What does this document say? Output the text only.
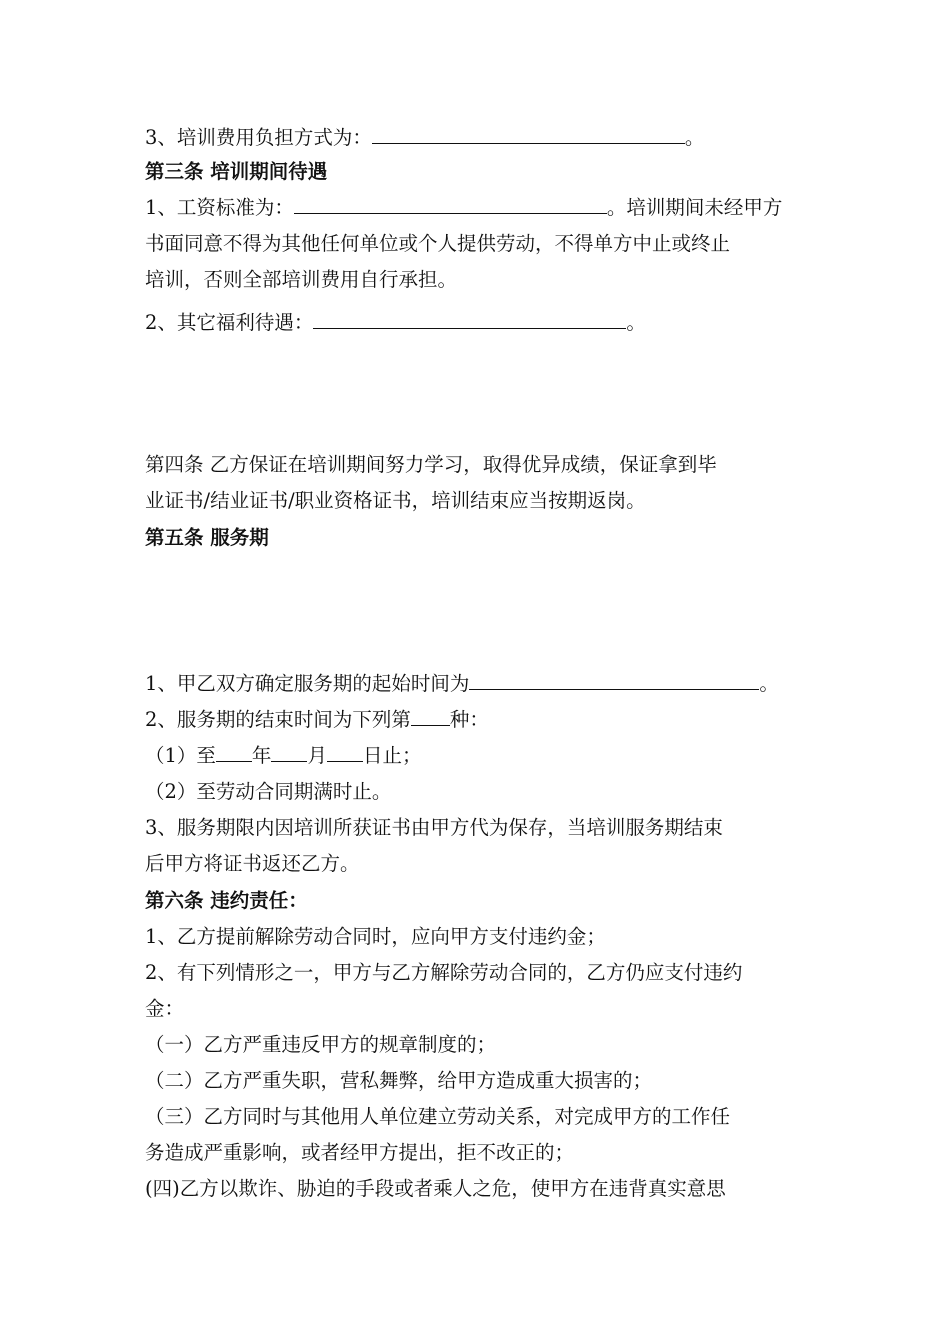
3、培训费用负担方式为：	。
第三条 培训期间待遇
1、工资标准为：	。培训期间未经甲方
书面同意不得为其他任何单位或个人提供劳动，不得单方中止或终止
培训，否则全部培训费用自行承担。
2、其它福利待遇：	。
第四条 乙方保证在培训期间努力学习，取得优异成绩，保证拿到毕
业证书/结业证书/职业资格证书，培训结束应当按期返岗。
第五条 服务期
1、甲乙双方确定服务期的起始时间为	。
2、服务期的结束时间为下列第 种：
（1）至 年 月 日止；
（2）至劳动合同期满时止。
3、服务期限内因培训所获证书由甲方代为保存，当培训服务期结束
后甲方将证书返还乙方。
第六条 违约责任：
1、乙方提前解除劳动合同时，应向甲方支付违约金；
2、有下列情形之一，甲方与乙方解除劳动合同的，乙方仍应支付违约
金：
（一）乙方严重违反甲方的规章制度的；
（二）乙方严重失职，营私舞弊，给甲方造成重大损害的；
（三）乙方同时与其他用人单位建立劳动关系，对完成甲方的工作任
务造成严重影响，或者经甲方提出，拒不改正的；
(四)乙方以欺诈、胁迫的手段或者乘人之危，使甲方在违背真实意思
